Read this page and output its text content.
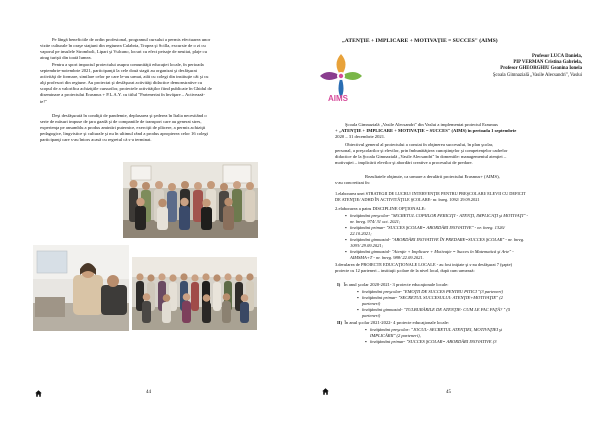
Pe lângă beneficiile de ordin profesional, programul cursului a permis efectuarea unor
vizite culturale în oraşe staţiuni din regiunea Calabria, Tropea şi Scilla, excursie de o zi cu
vaporul pe insulele Stromboli, Lipari şi Vulcano, locuri cu efect peisaje de neuitat, plaje cu
atrag turişti din toată lumea.
Pentru a spori impactul proiectului asupra comunităţii educaţiei locale, în perioada
septembrie-noiembrie 2021, participanţii la cele două stagii au organizat şi desfăşurat
activităţi de formare, similare celor pe care le-au urmat, atât cu colegi din instituţie cât şi cu
alţi profesori din regiune. Au proiectat şi desfăşurat activităţi didactice demonstrative cu
scopul de a valoriﬁca achiziţiile cursurilor, proiectele activităţilor fiind publicate în Ghidul de
diseminare a proiectului Erasmus + P.L.A.Y. cu titlul "Parteneriat în învăţare – Activează-
te!"
Deşi desfăşurată în condiţii de pandemie, deplasarea şi şederea în Italia necesitând o
serie de măsuri impuse de ţara gazdă şi de companiile de transport care au generat stres,
experienţa pe ansamblu a produs amintiri puternice, exerciţii de plăcere, a permis achiziţii
pedagogice, lingvistice şi culturale şi nu în ultimul rând a produs apropierea celor 16 colegi
participanţi care s-au întors acasă cu regretul că s-a terminat.
44
„ATENŢIE + IMPLICARE + MOTIVAŢIE = SUCCES" (AIMS)
AIMS
Profesor LUCA Daniela,
PIP VERMAN Cristina Gabriela,
Profesor GHEORGHIU Geanina Ionela
Şcoala Gimnazială „Vasile Alecsandri", Vaslui
Şcoala Gimnazială „Vasile Alecsandri" din Vaslui a implementat proiectul Erasmus
+ „ATENŢIE + IMPLICARE + MOTIVAŢIE = SUCCES" (AIMS) în perioada 1 septembrie
2020 – 31 decembrie 2021.
Obiectivul general al proiectului a constat în obţinerea succesului, în plan şcolar,
personal, a preşcolarilor şi elevilor, prin îmbunătăţirea cunoştinţelor şi competenţelor cadrelor
didactice de la Şcoala Gimnazială „Vasile Alecsandri" în domeniile: managementul atenţiei –
motivaţiei – implicării elevilor şi abordări creative a procesului de predare.
Rezultatele obţinute, ca urmare a derulării proiectului Erasmus+ (AIMS),
s-au concretizat în:
1.elaborarea unei STRATEGII DE LUCRU/ INTERVENŢIE PENTRU PREŞCOLARI/ ELEVII CU DEFICIT
DE ATENŢIE/ ADHD ÎN ACTIVITĂŢILE ŞCOLARE- nr. înreg. 1092/ 29.09.2021
2.elaborarea a patru DISCIPLINE OPŢIONALE:
▪ învăţământ preşcolar- "SECRETUL COPIILOR FERICIŢI - ATENŢI, IMPLICAŢI şi MOTIVAŢI" -
nr. înreg. 974/ 31 oct. 2021;
▪ învăţământ primar- "SUCCES ŞCOLAR= ABORDĂRI INOVATIVE" - nr. înreg. 1326/
22.10.2021;
▪ învăţământ gimnazial- "ABORDĂRI INOVATIVE ÎN PREDARE=SUCCES ŞCOLAR" - nr. înreg.
1093/ 29.09.2021;
▪ învăţământ gimnazial- "Atenţie + Implicare + Motivaţie = Succes în Matematică şi Arte" -
AIMSMA+T - nr. înreg. 988/ 22.09.2021.
3.derularea de PROIECTE EDUCAŢIONALE LOCALE - au fost iniţiate şi s-au desfăşurat 7 (şapte)
proiecte cu 12 parteneri – instituţii şcolare de la nivel local, după cum urmează:
I) În anul şcolar 2020-2021- 3 proiecte educaţionale locale:
▪ învăţământ preşcolar- "EMOŢII DE SUCCES PENTRU PITICI "(3 parteneri)
▪ învăţământ primar- "SECRETUL SUCCESULUI: ATENŢIE+MOTIVAŢIE" (2
parteneri)
▪ învăţământ gimnazial- "TULBURĂRILE DE ATENŢIE- CUM LE FAC FAŢĂ? " (5
parteneri)
II) În anul şcolar 2021-2022- 4 proiecte educaţionale locale:
▪ învăţământ preşcolar: "JOCUL- SECRETUL ATENŢIEI, MOTIVAŢIEI şi
IMPLICĂRII" (2 parteneri),
▪ învăţământ primar- "SUCCES ŞCOLAR= ABORDĂRI INOVATIVE (3
45
